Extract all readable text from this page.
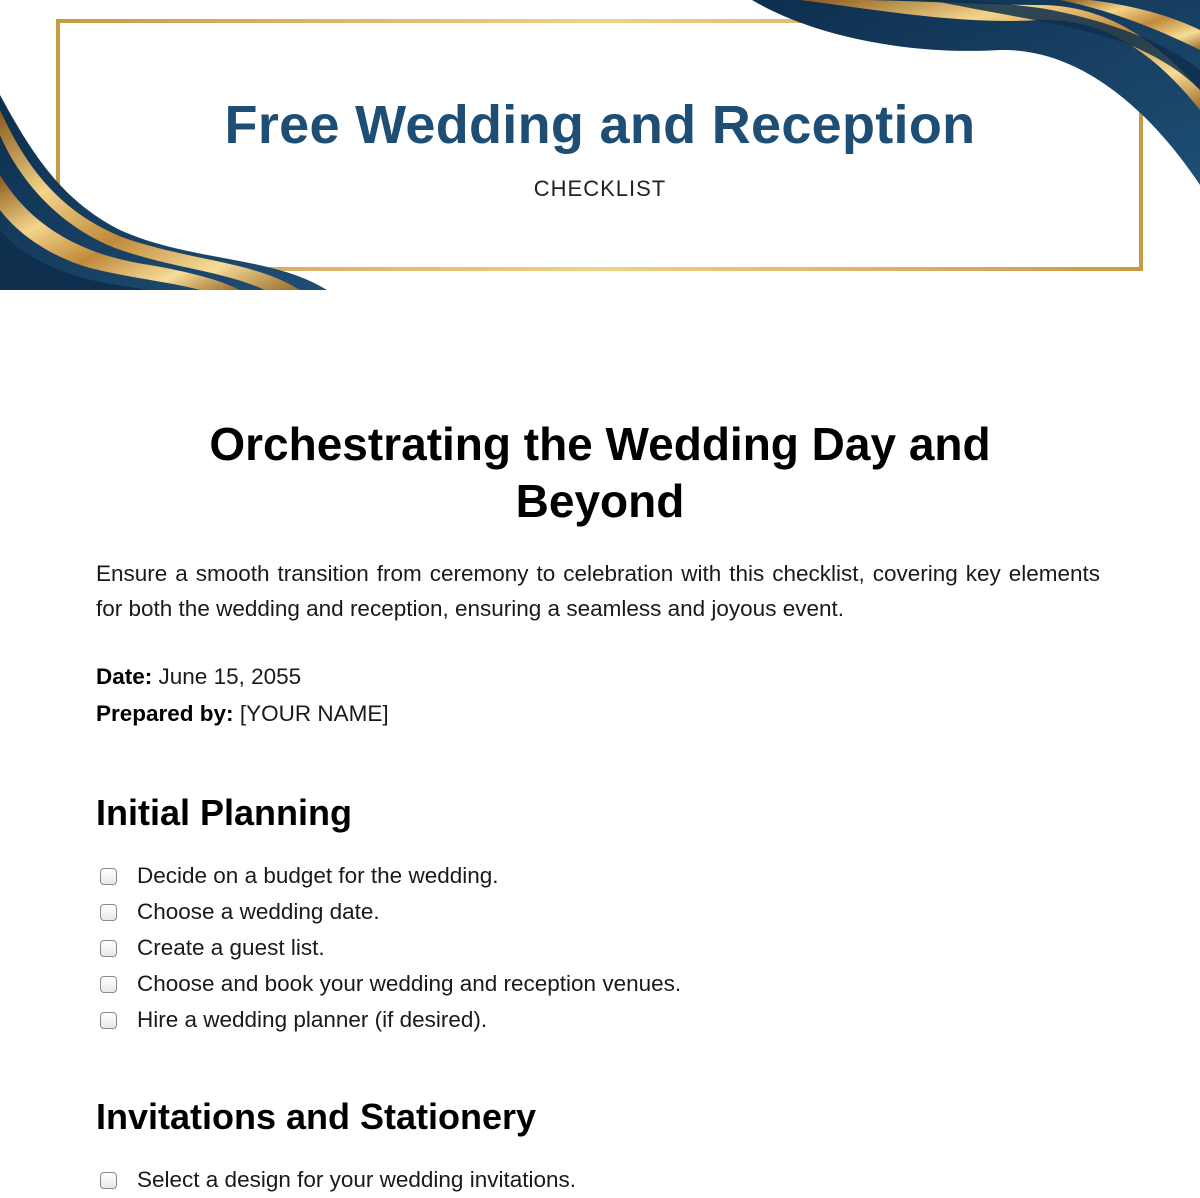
Free Wedding and Reception
CHECKLIST
Orchestrating the Wedding Day and Beyond
Ensure a smooth transition from ceremony to celebration with this checklist, covering key elements for both the wedding and reception, ensuring a seamless and joyous event.
Date: June 15, 2055
Prepared by: [YOUR NAME]
Initial Planning
Decide on a budget for the wedding.
Choose a wedding date.
Create a guest list.
Choose and book your wedding and reception venues.
Hire a wedding planner (if desired).
Invitations and Stationery
Select a design for your wedding invitations.
